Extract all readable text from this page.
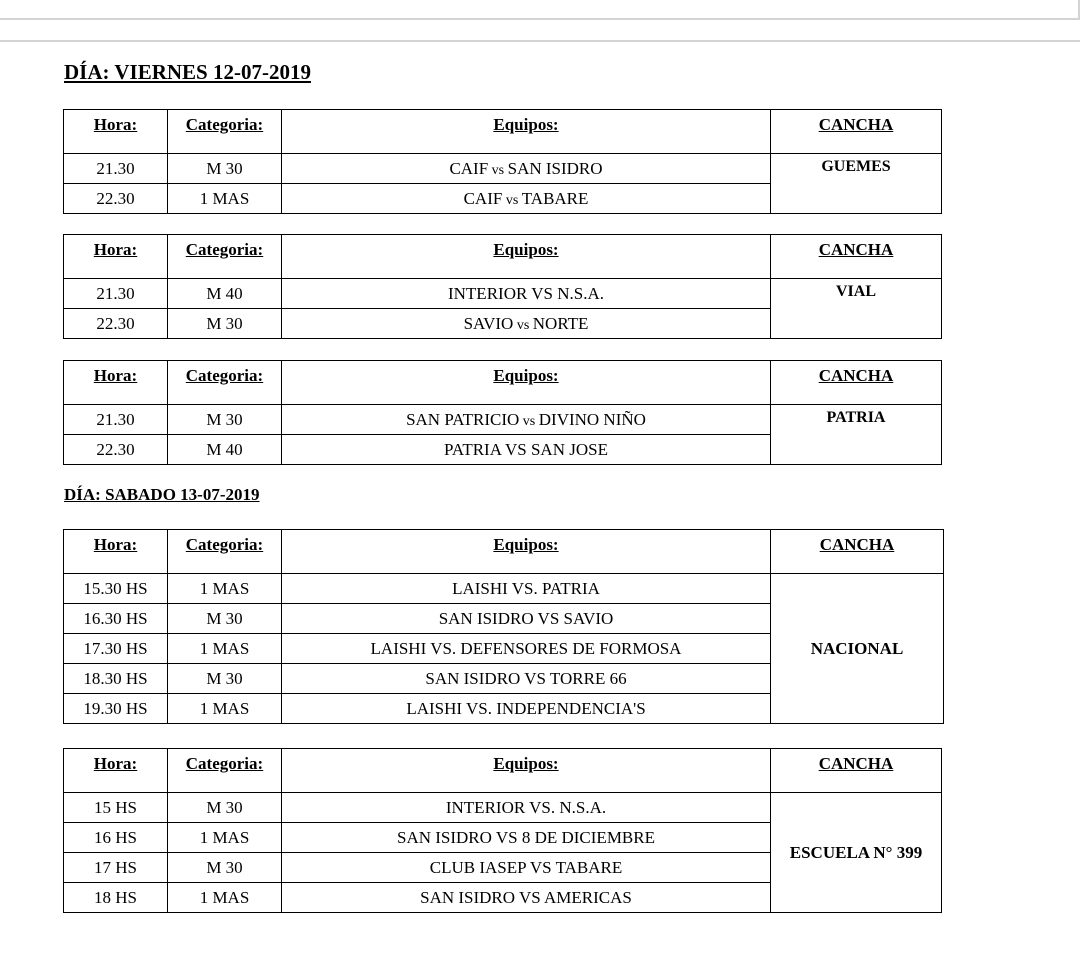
DÍA: VIERNES 12-07-2019
Hora:	Categoria:	Equipos:	CANCHA
21.30	M 30	CAIF vs SAN ISIDRO	GUEMES
22.30	1 MAS	CAIF vs TABARE	
Hora:	Categoria:	Equipos:	CANCHA
21.30	M 40	INTERIOR VS N.S.A.	VIAL
22.30	M 30	SAVIO vs NORTE	
Hora:	Categoria:	Equipos:	CANCHA
21.30	M 30	SAN PATRICIO vs DIVINO NIÑO	PATRIA
22.30	M 40	PATRIA VS SAN JOSE	
DÍA: SABADO 13-07-2019
Hora:	Categoria:	Equipos:	CANCHA
15.30 HS	1 MAS	LAISHI VS. PATRIA	NACIONAL
16.30 HS	M 30	SAN ISIDRO VS SAVIO	
17.30 HS	1 MAS	LAISHI VS. DEFENSORES DE FORMOSA	
18.30 HS	M 30	SAN ISIDRO VS TORRE 66	
19.30 HS	1 MAS	LAISHI VS. INDEPENDENCIA'S	
Hora:	Categoria:	Equipos:	CANCHA
15 HS	M 30	INTERIOR VS. N.S.A.	ESCUELA N° 399
16 HS	1 MAS	SAN ISIDRO VS 8 DE DICIEMBRE	
17 HS	M 30	CLUB IASEP VS TABARE	
18 HS	1 MAS	SAN ISIDRO VS AMERICAS	
